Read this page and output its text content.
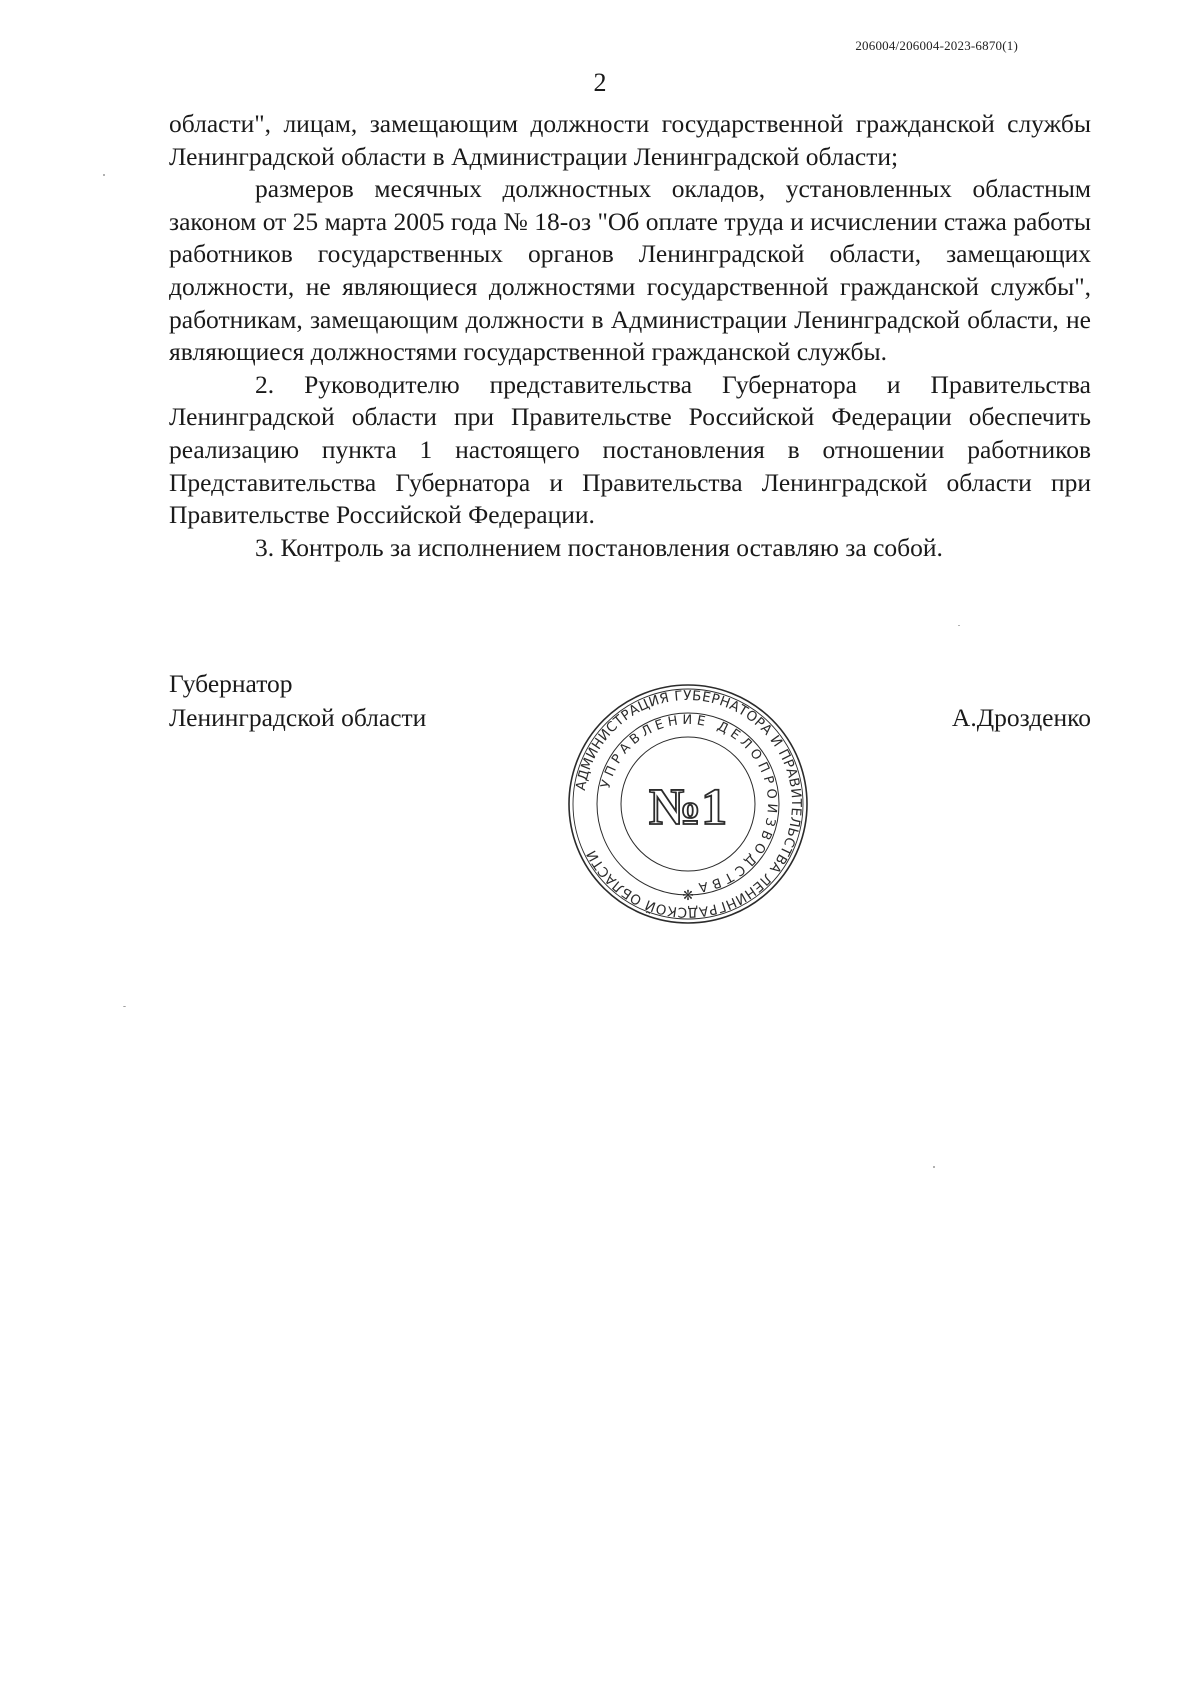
206004/206004-2023-6870(1)
2

области", лицам, замещающим должности государственной гражданской службы Ленинградской области в Администрации Ленинградской области;

размеров месячных должностных окладов, установленных областным законом от 25 марта 2005 года № 18-оз "Об оплате труда и исчислении стажа работы работников государственных органов Ленинградской области, замещающих должности, не являющиеся должностями государственной гражданской службы", работникам, замещающим должности в Администрации Ленинградской области, не являющиеся должностями государственной гражданской службы.

2. Руководителю представительства Губернатора и Правительства Ленинградской области при Правительстве Российской Федерации обеспечить реализацию пункта 1 настоящего постановления в отношении работников Представительства Губернатора и Правительства Ленинградской области при Правительстве Российской Федерации.

3. Контроль за исполнением постановления оставляю за собой.

Губернатор
Ленинградской области	А.Дрозденко
АДМИНИСТРАЦИЯ ГУБЕРНАТОРА И ПРАВИТЕЛЬСТВА ЛЕНИНГРАДСКОЙ ОБЛАСТИ
УПРАВЛЕНИЕ ДЕЛОПРОИЗВОДСТВА
№1
❋
